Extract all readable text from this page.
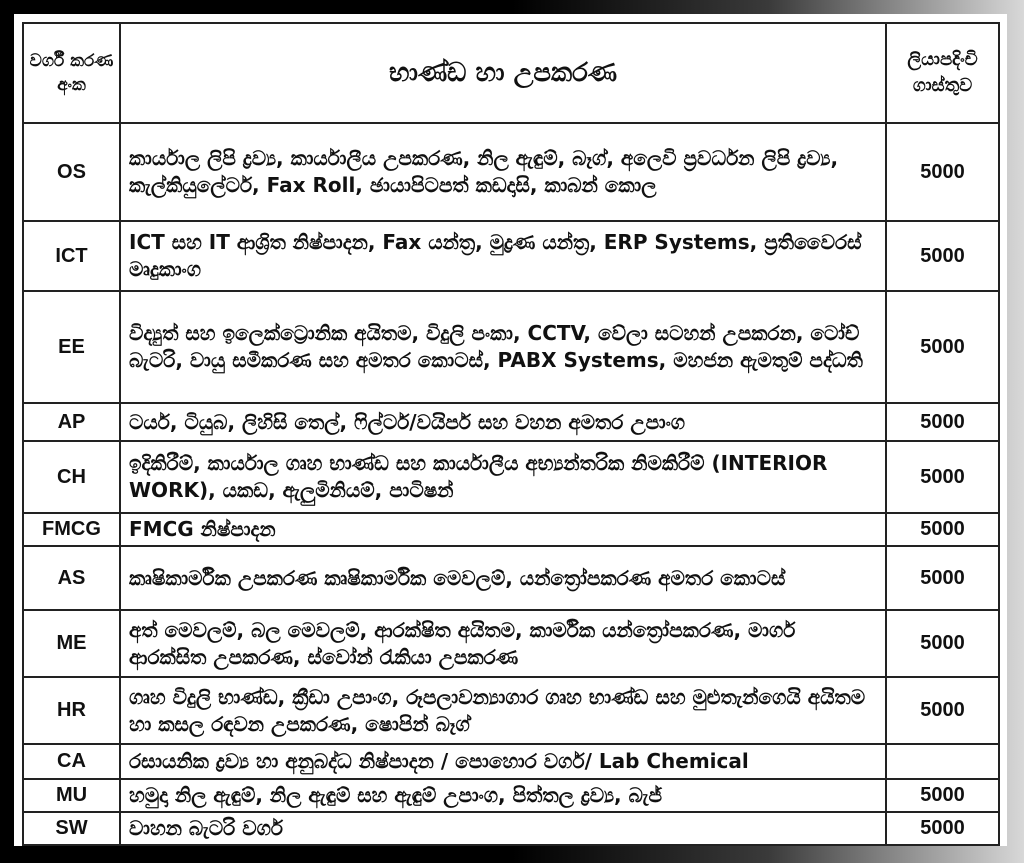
වර්ගී කරණ අංක	භාණ්ඩ හා උපකරණ	ලියාපදිංචි ගාස්තුව
OS	කාර්යාල ලිපි ද්‍රව්‍ය, කාර්යාලීය උපකරණ, නිල ඇඳුම්, බෑග්, අලෙවි ප්‍රවර්ධන ලිපි ද්‍රව්‍ය, කැල්කියුලේටර්, Fax Roll, ඡායාපිටපත් කඩදාසි, කාබන් කොල	5000
ICT	ICT සහ IT ආශ්‍රිත නිෂ්පාදන, Fax යන්ත්‍ර, මුද්‍රණ යන්ත්‍ර, ERP Systems, ප්‍රතිවෛරස් මෘදුකාංග	5000
EE	විද්‍යුත් සහ ඉලෙක්ට්‍රොනික අයිතම, විදුලි පංකා, CCTV, වේලා සටහන් උපකරන, ටෝච් බැටරි, වායු සමීකරණ සහ අමතර කොටස්, PABX Systems, මහජන ඇමතුම් පද්ධති	5000
AP	ටයර්, ටියුබ, ලිහිසි තෙල්, ෆිල්ටර්/වයිපර් සහ වහන අමතර උපාංග	5000
CH	ඉදිකිරීම්, කාර්යාල ගෘහ භාණ්ඩ සහ කාර්යාලීය අභ්‍යන්තරික නිමකිරීම් (INTERIOR WORK), යකඩ, ඇලුමිනියම්, පාටිෂන්	5000
FMCG	FMCG නිෂ්පාදන	5000
AS	කෘෂිකාර්මික උපකරණ කෘෂිකාර්මික මෙවලම්, යන්ත්‍රෝපකරණ අමතර කොටස්	5000
ME	අත් මෙවලම්, බල මෙවලම්, ආරක්ෂිත අයිතම, කාර්මික යන්ත්‍රෝපකරණ, මාර්ග ආරක්සිත උපකරණ, ස්වෝන් රැකියා උපකරණ	5000
HR	ගෘහ විදුලි භාණ්ඩ, ක්‍රීඩා උපාංග, රූපලාවන්‍යාගාර ගෘහ භාණ්ඩ සහ මුළුතැන්ගෙයි අයිතම හා කසල රඳවන උපකරණ, ෂොපින් බෑග්	5000
CA	රසායනික ද්‍රව්‍ය හා අනුබද්ධ නිෂ්පාදන / පොහොර වර්ග/ Lab Chemical	
MU	හමුදා නිල ඇඳුම්, නිල ඇඳුම් සහ ඇඳුම් උපාංග, පිත්තල ද්‍රව්‍ය, බැජ්	5000
SW	වාහන බැටරි වර්ග	5000
